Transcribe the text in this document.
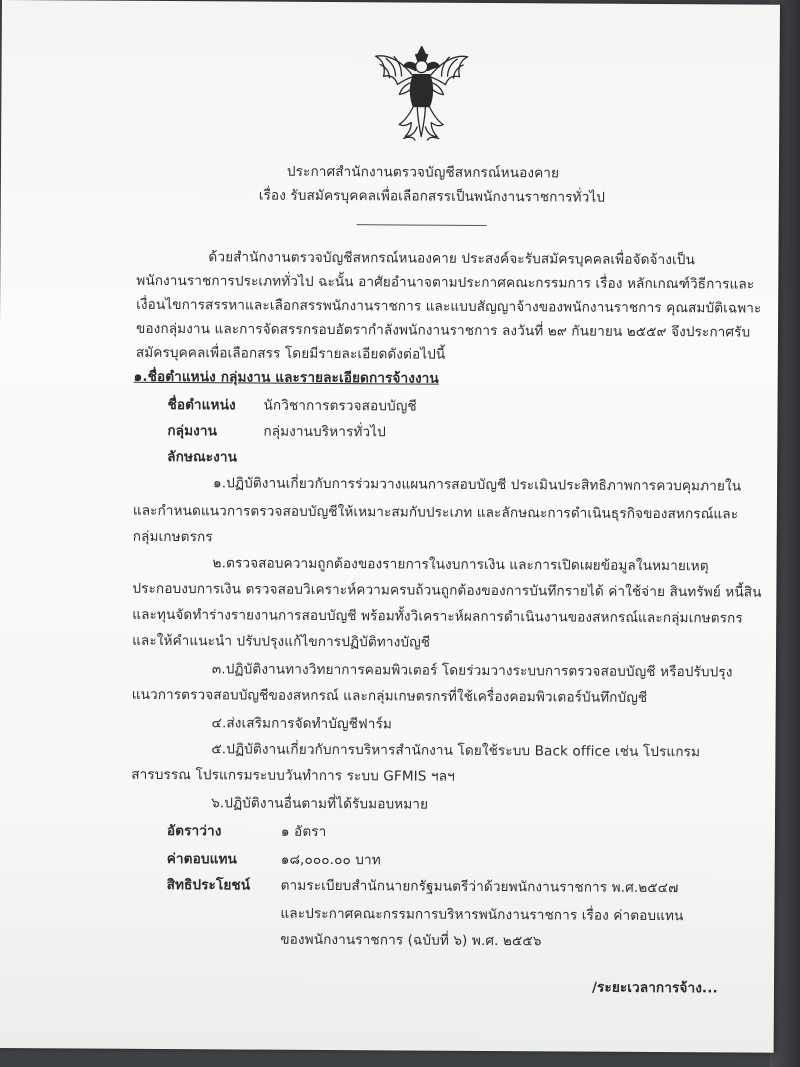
ประกาศสำนักงานตรวจบัญชีสหกรณ์หนองคาย
เรื่อง รับสมัครบุคคลเพื่อเลือกสรรเป็นพนักงานราชการทั่วไป
ด้วยสำนักงานตรวจบัญชีสหกรณ์หนองคาย ประสงค์จะรับสมัครบุคคลเพื่อจัดจ้างเป็น
พนักงานราชการประเภททั่วไป ฉะนั้น อาศัยอำนาจตามประกาศคณะกรรมการ เรื่อง หลักเกณฑ์วิธีการและ
เงื่อนไขการสรรหาและเลือกสรรพนักงานราชการ และแบบสัญญาจ้างของพนักงานราชการ คุณสมบัติเฉพาะ
ของกลุ่มงาน และการจัดสรรกรอบอัตรากำลังพนักงานราชการ ลงวันที่ ๒๙ กันยายน ๒๕๕๙ จึงประกาศรับ
สมัครบุคคลเพื่อเลือกสรร โดยมีรายละเอียดดังต่อไปนี้
๑.ชื่อตำแหน่ง กลุ่มงาน และรายละเอียดการจ้างงาน
ชื่อตำแหน่ง นักวิชาการตรวจสอบบัญชี
กลุ่มงาน	กลุ่มงานบริหารทั่วไป
ลักษณะงาน
๑.ปฏิบัติงานเกี่ยวกับการร่วมวางแผนการสอบบัญชี ประเมินประสิทธิภาพการควบคุมภายใน
และกำหนดแนวการตรวจสอบบัญชีให้เหมาะสมกับประเภท และลักษณะการดำเนินธุรกิจของสหกรณ์และ
กลุ่มเกษตรกร
๒.ตรวจสอบความถูกต้องของรายการในงบการเงิน และการเปิดเผยข้อมูลในหมายเหตุ
ประกอบงบการเงิน ตรวจสอบวิเคราะห์ความครบถ้วนถูกต้องของการบันทึกรายได้ ค่าใช้จ่าย สินทรัพย์ หนี้สิน
และทุนจัดทำร่างรายงานการสอบบัญชี พร้อมทั้งวิเคราะห์ผลการดำเนินงานของสหกรณ์และกลุ่มเกษตรกร
และให้คำแนะนำ ปรับปรุงแก้ไขการปฏิบัติทางบัญชี
๓.ปฏิบัติงานทางวิทยาการคอมพิวเตอร์ โดยร่วมวางระบบการตรวจสอบบัญชี หรือปรับปรุง
แนวการตรวจสอบบัญชีของสหกรณ์ และกลุ่มเกษตรกรที่ใช้เครื่องคอมพิวเตอร์บันทึกบัญชี
๔.ส่งเสริมการจัดทำบัญชีฟาร์ม
๕.ปฏิบัติงานเกี่ยวกับการบริหารสำนักงาน โดยใช้ระบบ Back office เช่น โปรแกรม
สารบรรณ โปรแกรมระบบวันทำการ ระบบ GFMIS ฯลฯ
๖.ปฏิบัติงานอื่นตามที่ได้รับมอบหมาย
อัตราว่าง	๑ อัตรา
ค่าตอบแทน	๑๘,๐๐๐.๐๐ บาท
สิทธิประโยชน์ ตามระเบียบสำนักนายกรัฐมนตรีว่าด้วยพนักงานราชการ พ.ศ.๒๕๔๗
และประกาศคณะกรรมการบริหารพนักงานราชการ เรื่อง ค่าตอบแทน
ของพนักงานราชการ (ฉบับที่ ๖) พ.ศ. ๒๕๕๖
/ระยะเวลาการจ้าง...
